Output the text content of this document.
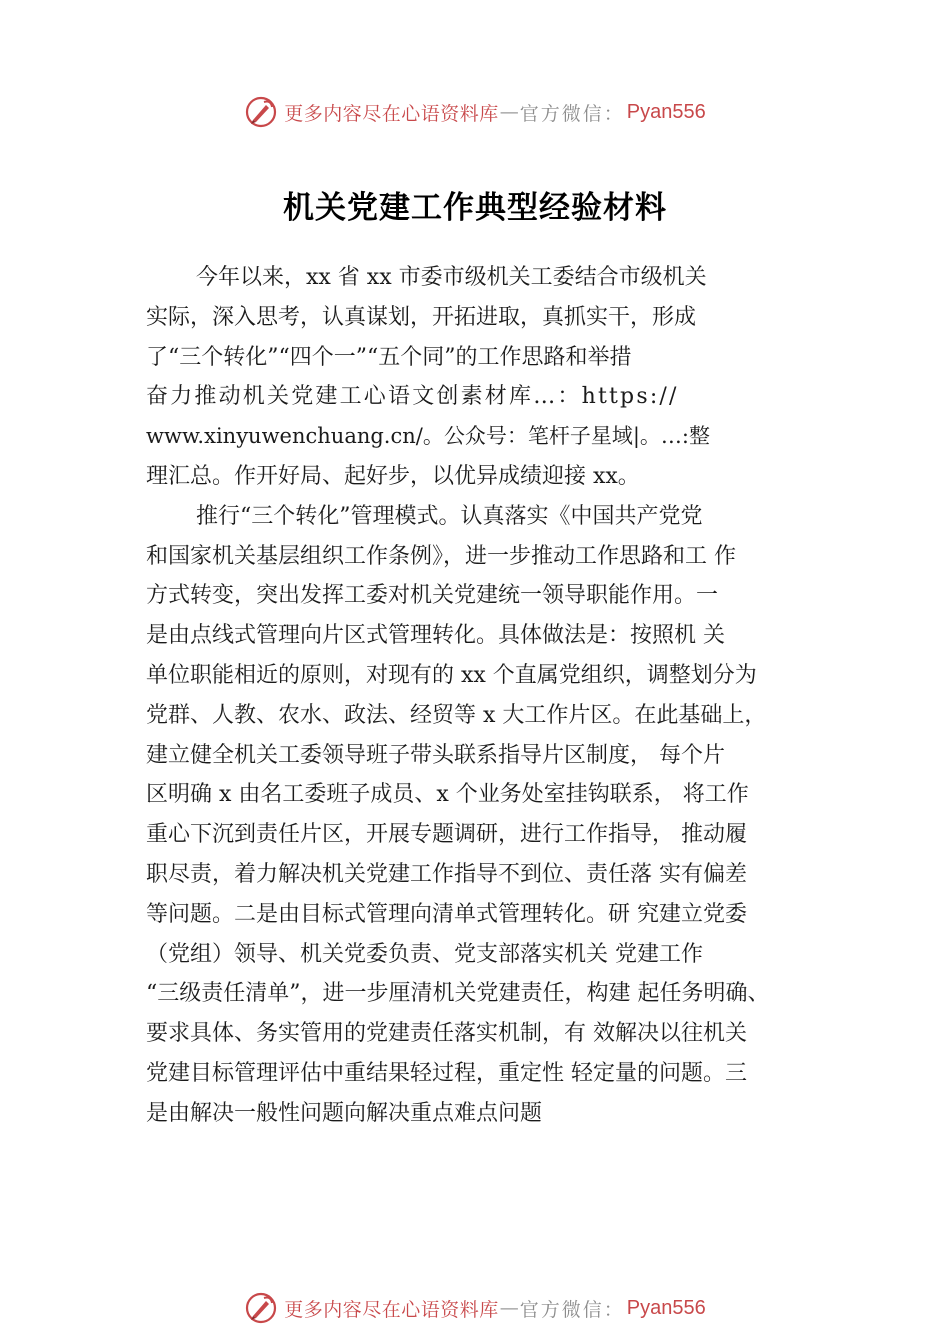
更多内容尽在心语资料库 — 官方微信： Pyan556
机关党建工作典型经验材料

今年以来，xx 省 xx 市委市级机关工委结合市级机关
实际，深入思考，认真谋划，开拓进取，真抓实干，形成
了“三个转化”“四个一”“五个同”的工作思路和举措
奋力推动机关党建工心语文创素材库…：https://
www.xinyuwenchuang.cn/。公众号：笔杆子星域|。…:整
理汇总。作开好局、起好步，以优异成绩迎接 xx。

推行“三个转化”管理模式。认真落实《中国共产党党
和国家机关基层组织工作条例》，进一步推动工作思路和工 作
方式转变，突出发挥工委对机关党建统一领导职能作用。一
是由点线式管理向片区式管理转化。具体做法是：按照机 关
单位职能相近的原则，对现有的 xx 个直属党组织，调整划分为
党群、人教、农水、政法、经贸等 x 大工作片区。在此基础上，
建立健全机关工委领导班子带头联系指导片区制度， 每个片
区明确 x 由名工委班子成员、x 个业务处室挂钩联系， 将工作
重心下沉到责任片区，开展专题调研，进行工作指导， 推动履
职尽责，着力解决机关党建工作指导不到位、责任落 实有偏差
等问题。二是由目标式管理向清单式管理转化。研 究建立党委
（党组）领导、机关党委负责、党支部落实机关 党建工作
“三级责任清单”，进一步厘清机关党建责任，构建 起任务明确、
要求具体、务实管用的党建责任落实机制，有 效解决以往机关
党建目标管理评估中重结果轻过程，重定性 轻定量的问题。三
是由解决一般性问题向解决重点难点问题

更多内容尽在心语资料库 — 官方微信： Pyan556
